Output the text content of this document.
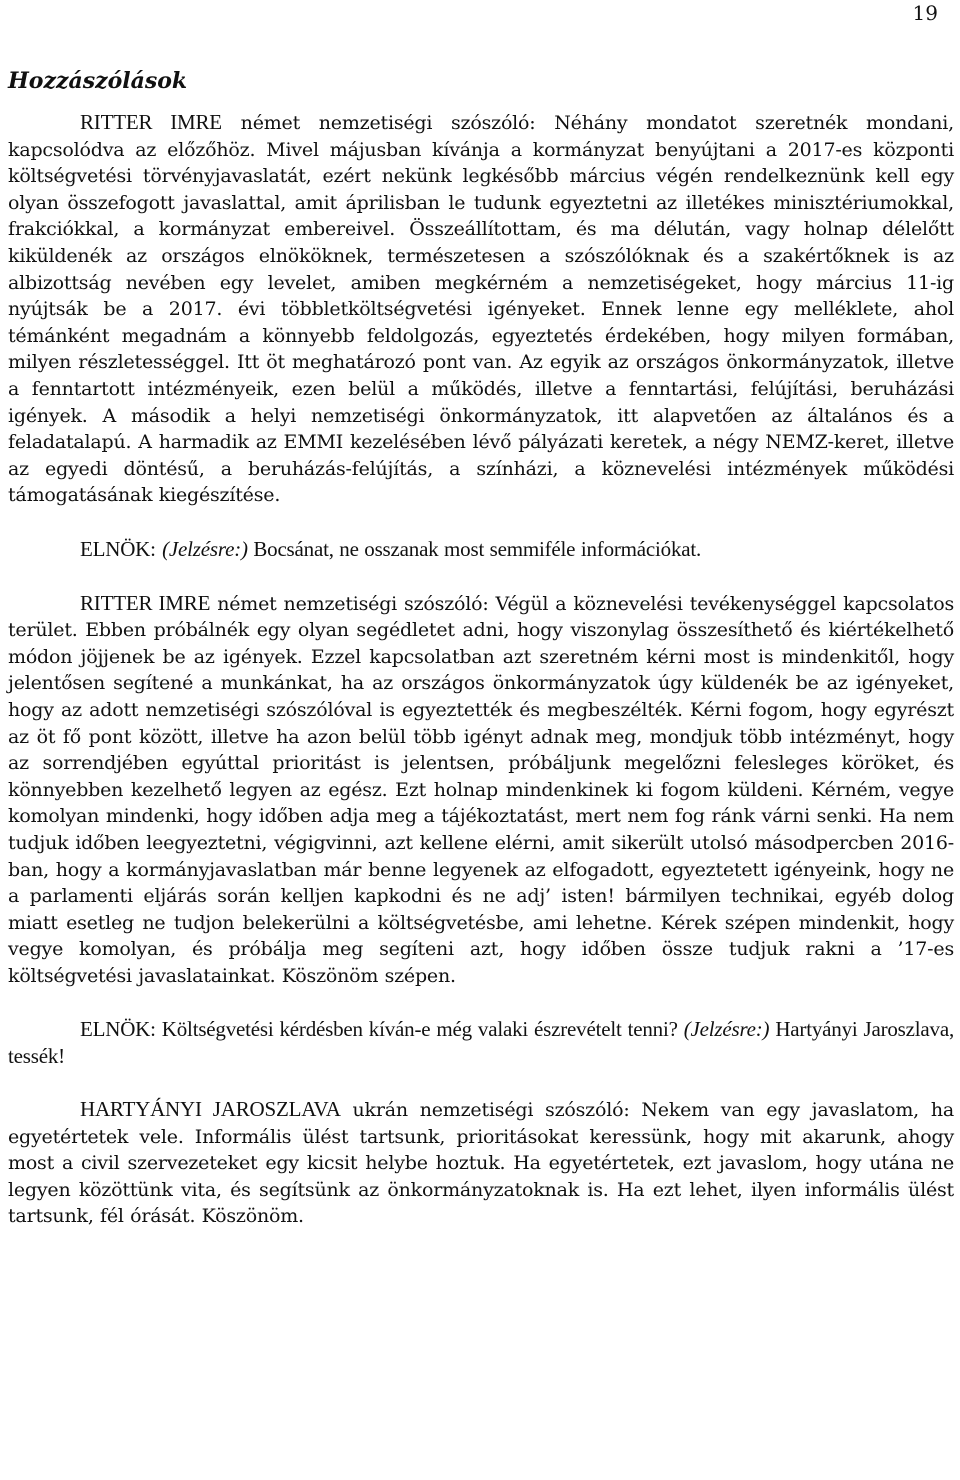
19
Hozzászólások

RITTER IMRE német nemzetiségi szószóló: Néhány mondatot szeretnék mondani, kapcsolódva az előzőhöz. Mivel májusban kívánja a kormányzat benyújtani a 2017-es központi költségvetési törvényjavaslatát, ezért nekünk legkésőbb március végén rendelkeznünk kell egy olyan összefogott javaslattal, amit áprilisban le tudunk egyeztetni az illetékes minisztériumokkal, frakciókkal, a kormányzat embereivel. Összeállítottam, és ma délután, vagy holnap délelőtt kiküldenék az országos elnököknek, természetesen a szószólóknak és a szakértőknek is az albizottság nevében egy levelet, amiben megkérném a nemzetiségeket, hogy március 11-ig nyújtsák be a 2017. évi többletköltségvetési igényeket. Ennek lenne egy melléklete, ahol témánként megadnám a könnyebb feldolgozás, egyeztetés érdekében, hogy milyen formában, milyen részletességgel. Itt öt meghatározó pont van. Az egyik az országos önkormányzatok, illetve a fenntartott intézményeik, ezen belül a működés, illetve a fenntartási, felújítási, beruházási igények. A második a helyi nemzetiségi önkormányzatok, itt alapvetően az általános és a feladatalapú. A harmadik az EMMI kezelésében lévő pályázati keretek, a négy NEMZ-keret, illetve az egyedi döntésű, a beruházás-felújítás, a színházi, a köznevelési intézmények működési támogatásának kiegészítése.

ELNÖK: (Jelzésre:) Bocsánat, ne osszanak most semmiféle információkat.

RITTER IMRE német nemzetiségi szószóló: Végül a köznevelési tevékenységgel kapcsolatos terület. Ebben próbálnék egy olyan segédletet adni, hogy viszonylag összesíthető és kiértékelhető módon jöjjenek be az igények. Ezzel kapcsolatban azt szeretném kérni most is mindenkitől, hogy jelentősen segítené a munkánkat, ha az országos önkormányzatok úgy küldenék be az igényeket, hogy az adott nemzetiségi szószólóval is egyeztették és megbeszélték. Kérni fogom, hogy egyrészt az öt fő pont között, illetve ha azon belül több igényt adnak meg, mondjuk több intézményt, hogy az sorrendjében egyúttal prioritást is jelentsen, próbáljunk megelőzni felesleges köröket, és könnyebben kezelhető legyen az egész. Ezt holnap mindenkinek ki fogom küldeni. Kérném, vegye komolyan mindenki, hogy időben adja meg a tájékoztatást, mert nem fog ránk várni senki. Ha nem tudjuk időben leegyeztetni, végigvinni, azt kellene elérni, amit sikerült utolsó másodpercben 2016-ban, hogy a kormányjavaslatban már benne legyenek az elfogadott, egyeztetett igényeink, hogy ne a parlamenti eljárás során kelljen kapkodni és ne adj’ isten! bármilyen technikai, egyéb dolog miatt esetleg ne tudjon belekerülni a költségvetésbe, ami lehetne. Kérek szépen mindenkit, hogy vegye komolyan, és próbálja meg segíteni azt, hogy időben össze tudjuk rakni a ’17-es költségvetési javaslatainkat. Köszönöm szépen.

ELNÖK: Költségvetési kérdésben kíván-e még valaki észrevételt tenni? (Jelzésre:) Hartyányi Jaroszlava, tessék!

HARTYÁNYI JAROSZLAVA ukrán nemzetiségi szószóló: Nekem van egy javaslatom, ha egyetértetek vele. Informális ülést tartsunk, prioritásokat keressünk, hogy mit akarunk, ahogy most a civil szervezeteket egy kicsit helybe hoztuk. Ha egyetértetek, ezt javaslom, hogy utána ne legyen közöttünk vita, és segítsünk az önkormányzatoknak is. Ha ezt lehet, ilyen informális ülést tartsunk, fél órását. Köszönöm.
